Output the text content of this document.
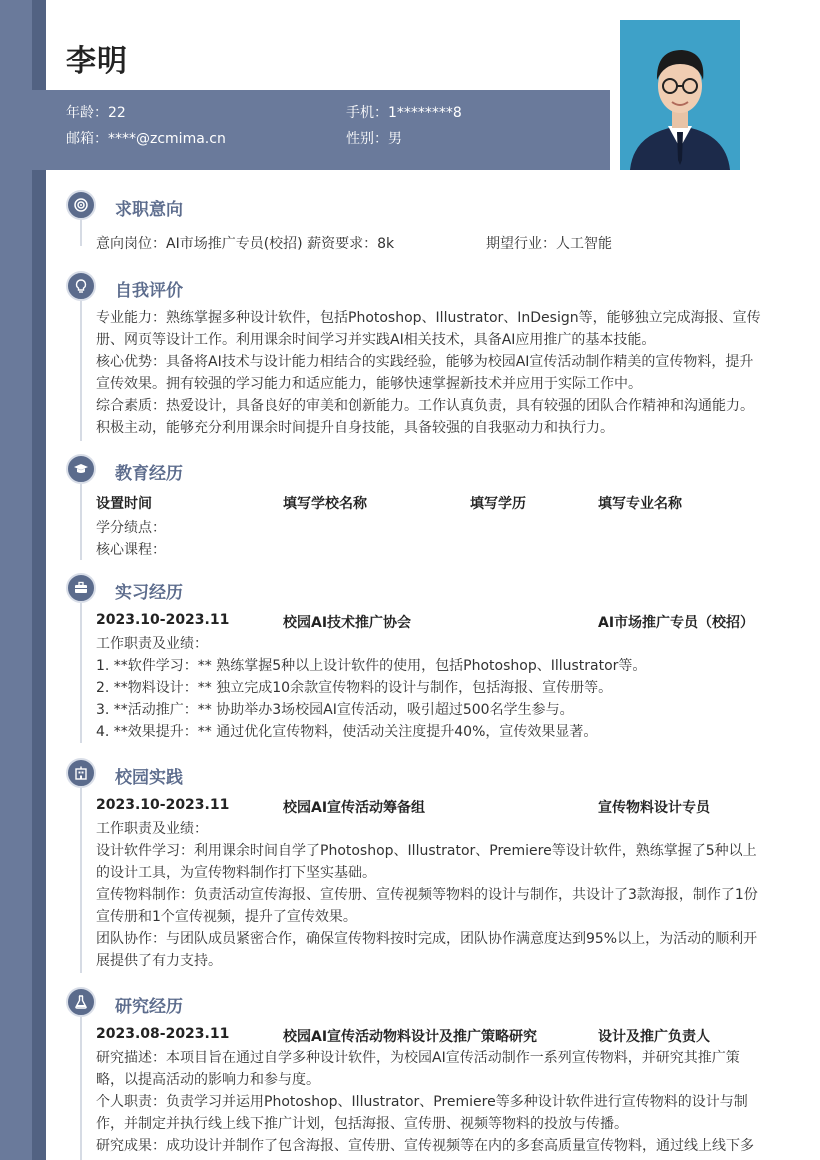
李明
年龄：22	手机：1********8
邮箱：****@zcmima.cn	性别：男
求职意向
意向岗位：AI市场推广专员(校招) 薪资要求：8k	期望行业：人工智能
自我评价
专业能力：熟练掌握多种设计软件，包括Photoshop、Illustrator、InDesign等，能够独立完成海报、宣传册、网页等设计工作。利用课余时间学习并实践AI相关技术，具备AI应用推广的基本技能。
核心优势：具备将AI技术与设计能力相结合的实践经验，能够为校园AI宣传活动制作精美的宣传物料，提升宣传效果。拥有较强的学习能力和适应能力，能够快速掌握新技术并应用于实际工作中。
综合素质：热爱设计，具备良好的审美和创新能力。工作认真负责，具有较强的团队合作精神和沟通能力。积极主动，能够充分利用课余时间提升自身技能，具备较强的自我驱动力和执行力。
教育经历
设置时间	填写学校名称	填写学历	填写专业名称
学分绩点：
核心课程：
实习经历
2023.10-2023.11	校园AI技术推广协会	AI市场推广专员（校招）
工作职责及业绩：
1. **软件学习：** 熟练掌握5种以上设计软件的使用，包括Photoshop、Illustrator等。
2. **物料设计：** 独立完成10余款宣传物料的设计与制作，包括海报、宣传册等。
3. **活动推广：** 协助举办3场校园AI宣传活动，吸引超过500名学生参与。
4. **效果提升：** 通过优化宣传物料，使活动关注度提升40%，宣传效果显著。
校园实践
2023.10-2023.11	校园AI宣传活动筹备组	宣传物料设计专员
工作职责及业绩：
设计软件学习：利用课余时间自学了Photoshop、Illustrator、Premiere等设计软件，熟练掌握了5种以上的设计工具，为宣传物料制作打下坚实基础。
宣传物料制作：负责活动宣传海报、宣传册、宣传视频等物料的设计与制作，共设计了3款海报，制作了1份宣传册和1个宣传视频，提升了宣传效果。
团队协作：与团队成员紧密合作，确保宣传物料按时完成，团队协作满意度达到95%以上，为活动的顺利开展提供了有力支持。
研究经历
2023.08-2023.11	校园AI宣传活动物料设计及推广策略研究	设计及推广负责人
研究描述：本项目旨在通过自学多种设计软件，为校园AI宣传活动制作一系列宣传物料，并研究其推广策略，以提高活动的影响力和参与度。
个人职责：负责学习并运用Photoshop、Illustrator、Premiere等多种设计软件进行宣传物料的设计与制作，并制定并执行线上线下推广计划，包括海报、宣传册、视频等物料的投放与传播。
研究成果：成功设计并制作了包含海报、宣传册、宣传视频等在内的多套高质量宣传物料，通过线上线下多
